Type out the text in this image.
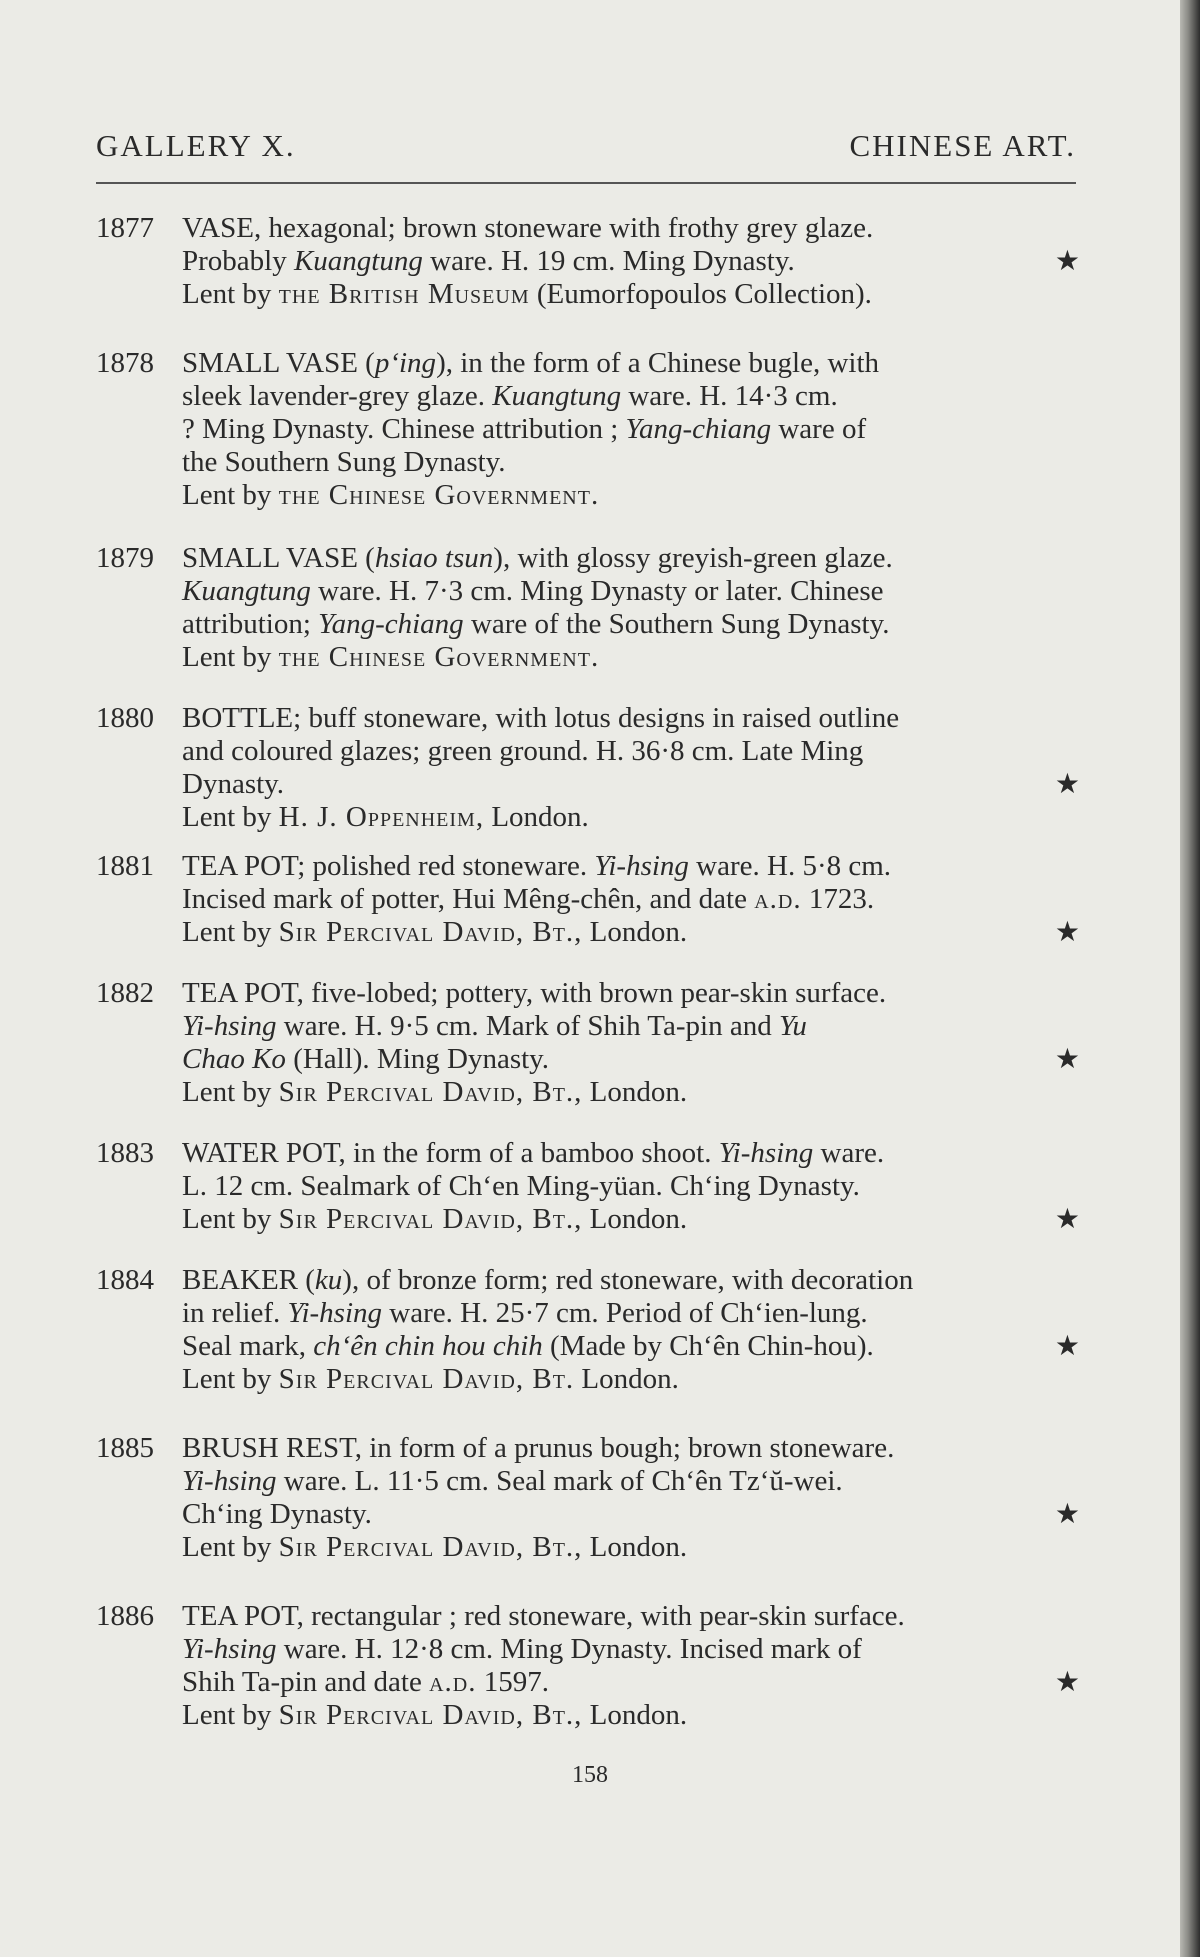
GALLERY X.	CHINESE ART.
1877 VASE, hexagonal; brown stoneware with frothy grey glaze.
Probably Kuangtung ware. H. 19 cm. Ming Dynasty.	★
Lent by the British Museum (Eumorfopoulos Collection).
1878 SMALL VASE (p‘ing), in the form of a Chinese bugle, with
sleek lavender-grey glaze. Kuangtung ware. H. 14·3 cm.
? Ming Dynasty. Chinese attribution ; Yang-chiang ware of
the Southern Sung Dynasty.
Lent by the Chinese Government.
1879 SMALL VASE (hsiao tsun), with glossy greyish-green glaze.
Kuangtung ware. H. 7·3 cm. Ming Dynasty or later. Chinese
attribution; Yang-chiang ware of the Southern Sung Dynasty.
Lent by the Chinese Government.
1880 BOTTLE; buff stoneware, with lotus designs in raised outline
and coloured glazes; green ground. H. 36·8 cm. Late Ming
Dynasty.	★
Lent by H. J. Oppenheim, London.
1881 TEA POT; polished red stoneware. Yi-hsing ware. H. 5·8 cm.
Incised mark of potter, Hui Mêng-chên, and date a.d. 1723.
Lent by Sir Percival David, Bt., London.	★
1882 TEA POT, five-lobed; pottery, with brown pear-skin surface.
Yi-hsing ware. H. 9·5 cm. Mark of Shih Ta-pin and Yu
Chao Ko (Hall). Ming Dynasty.	★
Lent by Sir Percival David, Bt., London.
1883 WATER POT, in the form of a bamboo shoot. Yi-hsing ware.
L. 12 cm. Sealmark of Ch‘en Ming-yüan. Ch‘ing Dynasty.
Lent by Sir Percival David, Bt., London.	★
1884 BEAKER (ku), of bronze form; red stoneware, with decoration
in relief. Yi-hsing ware. H. 25·7 cm. Period of Ch‘ien-lung.
Seal mark, ch‘ên chin hou chih (Made by Ch‘ên Chin-hou).	★
Lent by Sir Percival David, Bt. London.
1885 BRUSH REST, in form of a prunus bough; brown stoneware.
Yi-hsing ware. L. 11·5 cm. Seal mark of Ch‘ên Tz‘ŭ-wei.
Ch‘ing Dynasty.	★
Lent by Sir Percival David, Bt., London.
1886 TEA POT, rectangular ; red stoneware, with pear-skin surface.
Yi-hsing ware. H. 12·8 cm. Ming Dynasty. Incised mark of
Shih Ta-pin and date a.d. 1597.	★
Lent by Sir Percival David, Bt., London.
158
